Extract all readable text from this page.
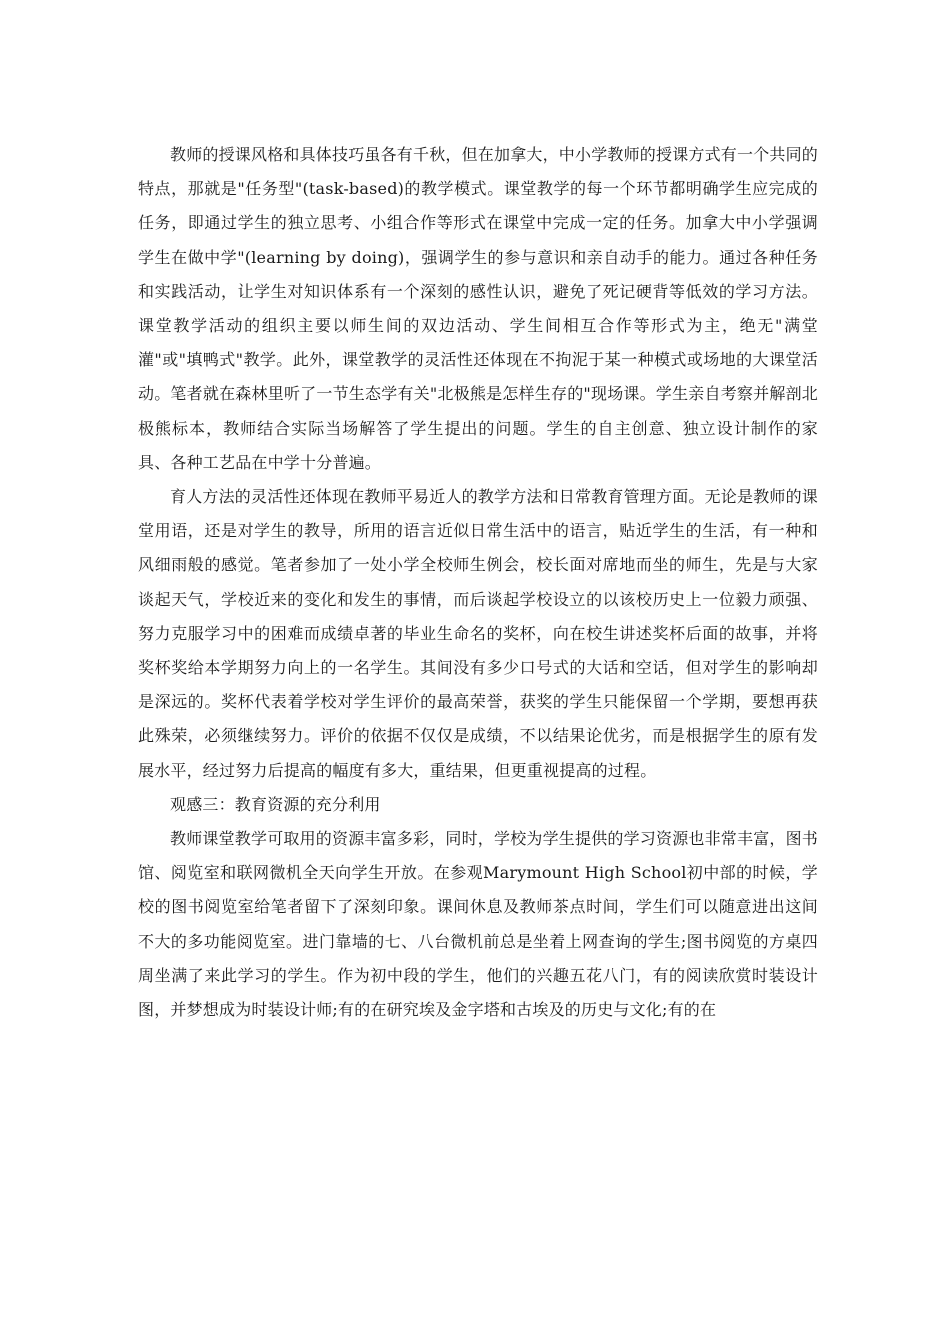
教师的授课风格和具体技巧虽各有千秋，但在加拿大，中小学教师的授课方式有一个共同的特点，那就是"任务型"(task-based)的教学模式。课堂教学的每一个环节都明确学生应完成的任务，即通过学生的独立思考、小组合作等形式在课堂中完成一定的任务。加拿大中小学强调学生在做中学"(learning by doing)，强调学生的参与意识和亲自动手的能力。通过各种任务和实践活动，让学生对知识体系有一个深刻的感性认识，避免了死记硬背等低效的学习方法。课堂教学活动的组织主要以师生间的双边活动、学生间相互合作等形式为主，绝无"满堂灌"或"填鸭式"教学。此外，课堂教学的灵活性还体现在不拘泥于某一种模式或场地的大课堂活动。笔者就在森林里听了一节生态学有关"北极熊是怎样生存的"现场课。学生亲自考察并解剖北极熊标本，教师结合实际当场解答了学生提出的问题。学生的自主创意、独立设计制作的家具、各种工艺品在中学十分普遍。

育人方法的灵活性还体现在教师平易近人的教学方法和日常教育管理方面。无论是教师的课堂用语，还是对学生的教导，所用的语言近似日常生活中的语言，贴近学生的生活，有一种和风细雨般的感觉。笔者参加了一处小学全校师生例会，校长面对席地而坐的师生，先是与大家谈起天气，学校近来的变化和发生的事情，而后谈起学校设立的以该校历史上一位毅力顽强、努力克服学习中的困难而成绩卓著的毕业生命名的奖杯，向在校生讲述奖杯后面的故事，并将奖杯奖给本学期努力向上的一名学生。其间没有多少口号式的大话和空话，但对学生的影响却是深远的。奖杯代表着学校对学生评价的最高荣誉，获奖的学生只能保留一个学期，要想再获此殊荣，必须继续努力。评价的依据不仅仅是成绩，不以结果论优劣，而是根据学生的原有发展水平，经过努力后提高的幅度有多大，重结果，但更重视提高的过程。

观感三：教育资源的充分利用

教师课堂教学可取用的资源丰富多彩，同时，学校为学生提供的学习资源也非常丰富，图书馆、阅览室和联网微机全天向学生开放。在参观Marymount High School初中部的时候，学校的图书阅览室给笔者留下了深刻印象。课间休息及教师茶点时间，学生们可以随意进出这间不大的多功能阅览室。进门靠墙的七、八台微机前总是坐着上网查询的学生;图书阅览的方桌四周坐满了来此学习的学生。作为初中段的学生，他们的兴趣五花八门，有的阅读欣赏时装设计图，并梦想成为时装设计师;有的在研究埃及金字塔和古埃及的历史与文化;有的在
